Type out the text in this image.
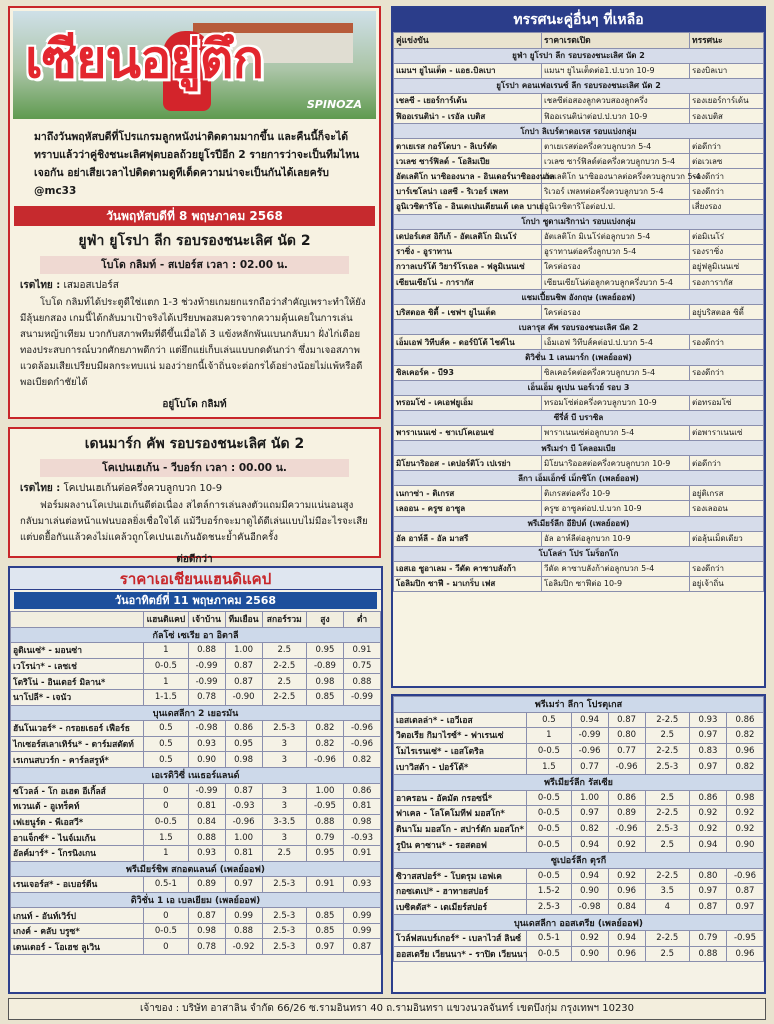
77
เซียนอยู่ตึก
SPINOZA

มาถึงวันพฤหัสบดีที่โปรแกรมลูกหนังน่าติดตามมากขึ้น และคืนนี้ก็จะได้ทราบแล้วว่าคู่ชิงชนะเลิศฟุตบอลถ้วยยูโรปีอีก 2 รายการว่าจะเป็นทีมไหนเจอกัน อย่าเสียเวลาไปติดตามดูทีเด็ดความน่าจะเป็นกันได้เลยครับ @mc33

วันพฤหัสบดีที่ 8 พฤษภาคม 2568
ยูฟ่า ยูโรปา ลีก รอบรองชนะเลิศ นัด 2
โบโด กลิมท์ - สเปอร์ส เวลา : 02.00 น.
เรตไทย : เสมอสเปอร์ส

โบโด กลิมท์ได้ประตูดีใช่แตก 1-3 ช่วงท้ายเกมยกแรกถือว่าสำคัญเพราะทำให้ยังมีลุ้นยกสอง เกมนี้ได้กลับมาเป้าจริงได้เปรียบพอสมควรจากความคุ้นเคยในการเล่นสนามหญ้าเทียม บวกกับสภาพทีมที่ดีขึ้นเมื่อได้ 3 แข้งหลักพันแบนกลับมา ฝั่งไก่เดือยทองประสบการณ์บวกศักยภาพดีกว่า แต่ยึกแย่เก็บเล่นแบบกดดันกว่า ซึ่งมาเจอสภาพแวดล้อมเสียเปรียบมีผลกระทบแน่ มองว่ายกนี้เจ้าถิ่นจะต่อกรได้อย่างน้อยไม่แพ้หรือดีพอเบียดกำชัยได้

อยู่โบโด กลิมท์
เดนมาร์ก คัพ รอบรองชนะเลิศ นัด 2
โคเปนเฮเก้น - วีบอร์ก เวลา : 00.00 น.
เรตไทย : โคเปนเฮเก้นต่อครึ่งควบลูกบวก 10-9

ฟอร์มผลงานโคเปนเฮเก้นดีต่อเนื่อง สไตล์การเล่นลงตัวแถมมีความแน่นอนสูง กลับมาเล่นต่อหน้าแฟนบอลยิ่งเชื่อใจได้ แม้วีบอร์กจะมาดูได้ดีเล่นแบบไม่มีอะไรจะเสีย แต่บดยื้อกันแล้วคงไม่แคล้วถูกโคเปนเฮเก้นอัดชนะย้ำคันอีกครั้ง

ต่อดีกว่า
ราคาเอเชียนแฮนดิแคป
วันอาทิตย์ที่ 11 พฤษภาคม 2568
	แฮนดิแคป	เจ้าบ้าน	ทีมเยือน	สกอร์รวม	สูง	ต่ำ
กัลโซ่ เซเรีย อา อิตาลี						
อูดิเนเซ่* - มอนซ่า	1	0.88	1.00	2.5	0.95	0.91
เวโรน่า* - เลชเช่	0-0.5	-0.99	0.87	2-2.5	-0.89	0.75
โตริโน่ - อินเตอร์ มิลาน*	1	-0.99	0.87	2.5	0.98	0.88
นาโปลี* - เจนัว	1-1.5	0.78	-0.90	2-2.5	0.85	-0.99
บุนเดสลีกา 2 เยอรมัน						
ฮันโนเวอร์* - กรอยเธอร์ เฟือร์ธ	0.5	-0.98	0.86	2.5-3	0.82	-0.96
ไกเซอร์สเลาเทิร์น* - ดาร์มสตัดท์	0.5	0.93	0.95	3	0.82	-0.96
เรเกนสบวร์ก - คาร์ลสรูห์*	0.5	0.90	0.98	3	-0.96	0.82
เอเรดิวิซี่ เนเธอร์แลนด์						
ซโวลล์ - โก อเฮด อีเกิ้ลส์	0	-0.99	0.87	3	1.00	0.86
ทเวนเต้ - อูเทร็คท์	0	0.81	-0.93	3	-0.95	0.81
เฟเยนูร์ด - พีเอสวี*	0-0.5	0.84	-0.96	3-3.5	0.88	0.98
อาแจ็กซ์* - ไนจ์เมเก้น	1.5	0.88	1.00	3	0.79	-0.93
อัลค์มาร์* - โกรนิงเกน	1	0.93	0.81	2.5	0.95	0.91
พรีเมียร์ชิพ สกอตแลนด์ (เพลย์ออฟ)						
เรนเจอร์ส* - อเบอร์ดีน	0.5-1	0.89	0.97	2.5-3	0.91	0.93
ดิวิชั่น 1 เอ เบลเยียม (เพลย์ออฟ)						
เกนท์ - อันท์เวิร์ป	0	0.87	0.99	2.5-3	0.85	0.99
เกงค์ - คลับ บรูซ*	0-0.5	0.98	0.88	2.5-3	0.85	0.99
เดนเดอร์ - โอเฮช ลูเวิน	0	0.78	-0.92	2.5-3	0.97	0.87
ทรรศนะคู่อื่นๆ ที่เหลือ
คู่แข่งขัน	ราคาเรตเปิด	ทรรศนะ
ยูฟ่า ยูโรปา ลีก รอบรองชนะเลิศ นัด 2		
แมนฯ ยูไนเต็ด - แอธ.บิลเบา	แมนฯ ยูไนเต็ดต่อ1.ป.บวก 10-9	รองบิลเบา
ยูโรปา คอนเฟอเรนซ์ ลีก รอบรองชนะเลิศ นัด 2		
เชลซี - เยอร์การ์เด้น	เชลซีต่อสองลูกควบสองลูกครึ่ง	รองเยอร์การ์เด้น
ฟิออเรนติน่า - เรอัล เบติส	ฟิออเรนติน่าต่อป.ป.บวก 10-9	รองเบติส
โกปา ลิเบร์ตาดอเรส รอบแบ่งกลุ่ม		
ตาเยเรส กอร์โดบา - ลิเบร์ตัด	ตาเยเรสต่อครึ่งควบลูกบวก 5-4	ต่อดีกว่า
เวเลซ ซาร์ฟิลด์ - โอลิมเปีย	เวเลซ ซาร์ฟิลด์ต่อครึ่งควบลูกบวก 5-4	ต่อเวเลซ
อัตเลติโก นาซิอองนาล - อินเดอร์นาซิอองนาล	อัตเลติโก นาซิอองนาลต่อครึ่งควบลูกบวก 5-4	รองดีกว่า
บาร์เซโลน่า เอสซี - ริเวอร์ เพลท	ริเวอร์ เพลทต่อครึ่งควบลูกบวก 5-4	รองดีกว่า
อูนิเวซิตาริโอ - อินเดเปนเดียนเต้ เดล บาเย่	อูนิเวซิตาริโอต่อป.ป.	เสี่ยงรอง
โกปา ซูดาเมริกาน่า รอบแบ่งกลุ่ม		
เดปอร์เตส อิกีเก้ - อัตเลติโก มิเนโร่	อัตเลติโก มิเนโร่ต่อลูกบวก 5-4	ต่อมิเนโร่
ราซิ่ง - อูราทาน	อูราทานต่อครึ่งลูกบวก 5-4	รองราซิ่ง
กวาลเบร์โต้ วิยาร์โรเอล - ฟลูมิเนนเซ่	ใครต่อรอง	อยู่ฟลูมิเนนเซ่
เซียนเซียโน่ - การากัส	เซียนเซียโน่ต่อลูกควบลูกครึ่งบวก 5-4	รองการากัส
แชมเปี้ยนชิพ อังกฤษ (เพลย์ออฟ)		
บริสตอล ซิตี้ - เชฟฯ ยูไนเต็ด	ใครต่อรอง	อยู่บริสตอล ซิตี้
เบลารุส คัพ รอบรองชนะเลิศ นัด 2		
เอ็มเอฟ วิทีบส์ค - ดอร์บิโต้ ไชค์ไน	เอ็มเอฟ วิทีบส์คต่อป.ป.บวก 5-4	รองดีกว่า
ดิวิชั่น 1 เลนมาร์ก (เพลย์ออฟ)		
ซิลเคอร์ค - บี93	ซิลเคอร์คต่อครึ่งควบลูกบวก 5-4	รองดีกว่า
เอ็นเอ็ม คูเปน นอร์เวย์ รอบ 3		
ทรอมโซ่ - เคเอฟยูเอ็ม	ทรอมโซ่ต่อครึ่งควบลูกบวก 10-9	ต่อทรอมโซ่
ซีรี่ส์ บี บราซิล		
พาราเนนเซ่ - ชาเปโคเอนเซ่	พาราเนนเซ่ต่อลูกบวก 5-4	ต่อพาราเนนเซ่
พรีเมร่า บี โคลอมเบีย		
มิโยนาริออส - เดปอร์ติโว เปเรย่า	มิโยนาริออสต่อครึ่งควบลูกบวก 10-9	ต่อดีกว่า
ลีกา เอ็มเอ็กซ์ เม็กซิโก (เพลย์ออฟ)		
เนกาซ่า - ติเกรส	ติเกรสต่อครึ่ง 10-9	อยู่ติเกรส
เลออน - ครูซ อาซูล	ครูซ อาซูลต่อป.ป.บวก 10-9	รองเลออน
พรีเมียร์ลีก อียิปต์ (เพลย์ออฟ)		
อัล อาห์ลี - อัล มาสรี	อัล อาห์ลีต่อลูกบวก 10-9	ต่อลุ้นเม็ดเดียว
โบโลล่า โปร โมร็อกโก		
เอสเอ ซูอาเลม - วีดัด คาซาบลังก้า	วีดัด คาซาบลังก้าต่อลูกบวก 5-4	รองดีกว่า
โอลิมปิก ซาฟี - มาเกร็บ เฟส	โอลิมปิก ซาฟีต่อ 10-9	อยู่เจ้าถิ่น
พรีเมร่า ลีกา โปรตุเกส						
เอสเตลล่า* - เอวีเอส	0.5	0.94	0.87	2-2.5	0.93	0.86
วิตอเรีย กิมาไรซ์* - ฟาเรนเซ่	1	-0.99	0.80	2.5	0.97	0.82
โมไรเรนเซ่* - เอสโตริล	0-0.5	-0.96	0.77	2-2.5	0.83	0.96
เบาวิสต้า - ปอร์โต้*	1.5	0.77	-0.96	2.5-3	0.97	0.82
พรีเมียร์ลีก รัสเซีย						
อาครอน - อัคมัต กรอซนี่*	0-0.5	1.00	0.86	2.5	0.86	0.98
ฟาเคล - โลโคโมทีฟ มอสโก*	0-0.5	0.97	0.89	2-2.5	0.92	0.92
ดินาโม มอสโก - สปาร์ตัก มอสโก*	0-0.5	0.82	-0.96	2.5-3	0.92	0.92
รูบิน คาซาน* - รอสตอฟ	0-0.5	0.94	0.92	2.5	0.94	0.90
ซูเปอร์ลีก ตุรกี						
ซิวาสสปอร์* - โบดรุม เอฟเค	0-0.5	0.94	0.92	2-2.5	0.80	-0.96
กอซเตเป* - ฮาทายสปอร์	1.5-2	0.90	0.96	3.5	0.97	0.87
เบซิคตัส* - เตเมียร์สปอร์	2.5-3	-0.98	0.84	4	0.87	0.97
บุนเดสลีกา ออสเตรีย (เพลย์ออฟ)						
โวล์ฟสแบร์เกอร์* - เบลาไวส์ ลินซ์	0.5-1	0.92	0.94	2-2.5	0.79	-0.95
ออสเตรีย เวียนนา* - ราปิด เวียนนา	0-0.5	0.90	0.96	2.5	0.88	0.96
เจ้าของ : บริษัท อาสาลิน จำกัด 66/26 ซ.รามอินทรา 40 ถ.รามอินทรา แขวงนวลจันทร์ เขตบึงกุ่ม กรุงเทพฯ 10230
